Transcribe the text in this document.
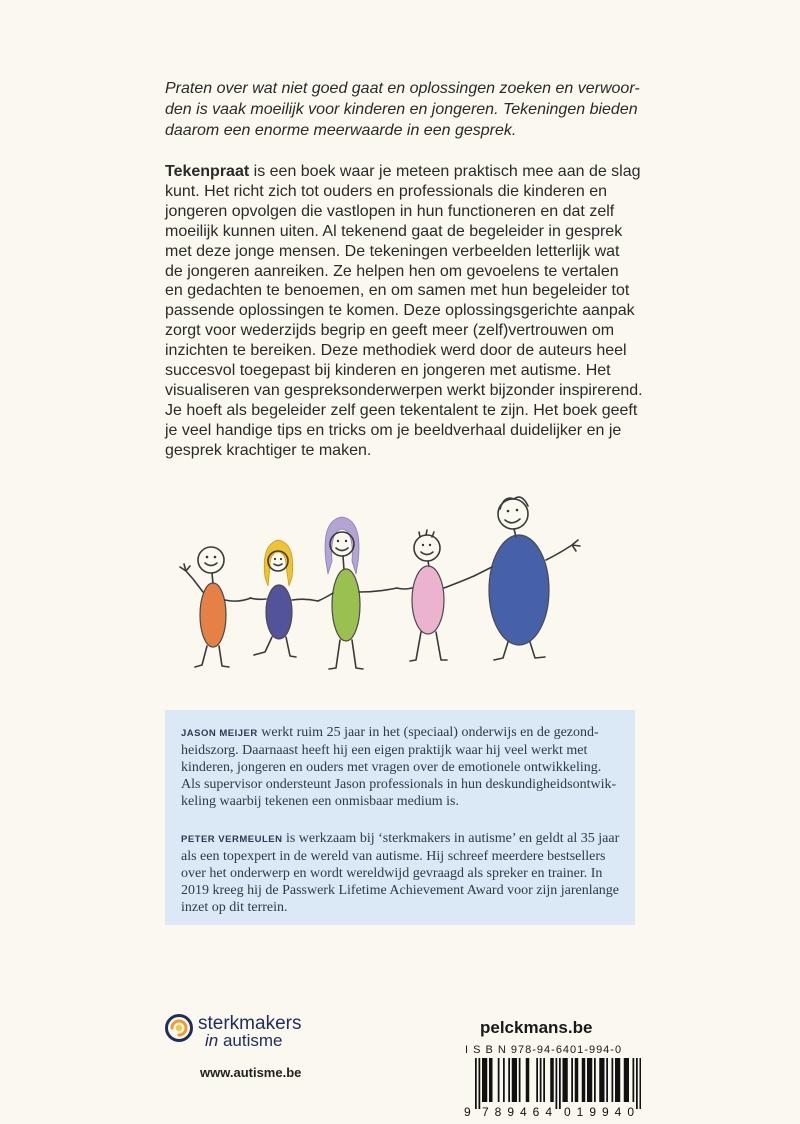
Praten over wat niet goed gaat en oplossingen zoeken en verwoor-
den is vaak moeilijk voor kinderen en jongeren. Tekeningen bieden
daarom een enorme meerwaarde in een gesprek.
Tekenpraat is een boek waar je meteen praktisch mee aan de slag
kunt. Het richt zich tot ouders en professionals die kinderen en
jongeren opvolgen die vastlopen in hun functioneren en dat zelf
moeilijk kunnen uiten. Al tekenend gaat de begeleider in gesprek
met deze jonge mensen. De tekeningen verbeelden letterlijk wat
de jongeren aanreiken. Ze helpen hen om gevoelens te vertalen
en gedachten te benoemen, en om samen met hun begeleider tot
passende oplossingen te komen. Deze oplossingsgerichte aanpak
zorgt voor wederzijds begrip en geeft meer (zelf)vertrouwen om
inzichten te bereiken. Deze methodiek werd door de auteurs heel
succesvol toegepast bij kinderen en jongeren met autisme. Het
visualiseren van gespreksonderwerpen werkt bijzonder inspirerend.
Je hoeft als begeleider zelf geen tekentalent te zijn. Het boek geeft
je veel handige tips en tricks om je beeldverhaal duidelijker en je
gesprek krachtiger te maken.
JASON MEIJER werkt ruim 25 jaar in het (speciaal) onderwijs en de gezond-
heidszorg. Daarnaast heeft hij een eigen praktijk waar hij veel werkt met
kinderen, jongeren en ouders met vragen over de emotionele ontwikkeling.
Als supervisor ondersteunt Jason professionals in hun deskundigheidsontwik-
keling waarbij tekenen een onmisbaar medium is.
PETER VERMEULEN is werkzaam bij ‘sterkmakers in autisme’ en geldt al 35 jaar
als een topexpert in de wereld van autisme. Hij schreef meerdere bestsellers
over het onderwerp en wordt wereldwijd gevraagd als spreker en trainer. In
2019 kreeg hij de Passwerk Lifetime Achievement Award voor zijn jarenlange
inzet op dit terrein.
sterkmakers
in autisme
www.autisme.be
pelckmans.be
I S B N 978-94-6401-994-0
9 789464 019940
